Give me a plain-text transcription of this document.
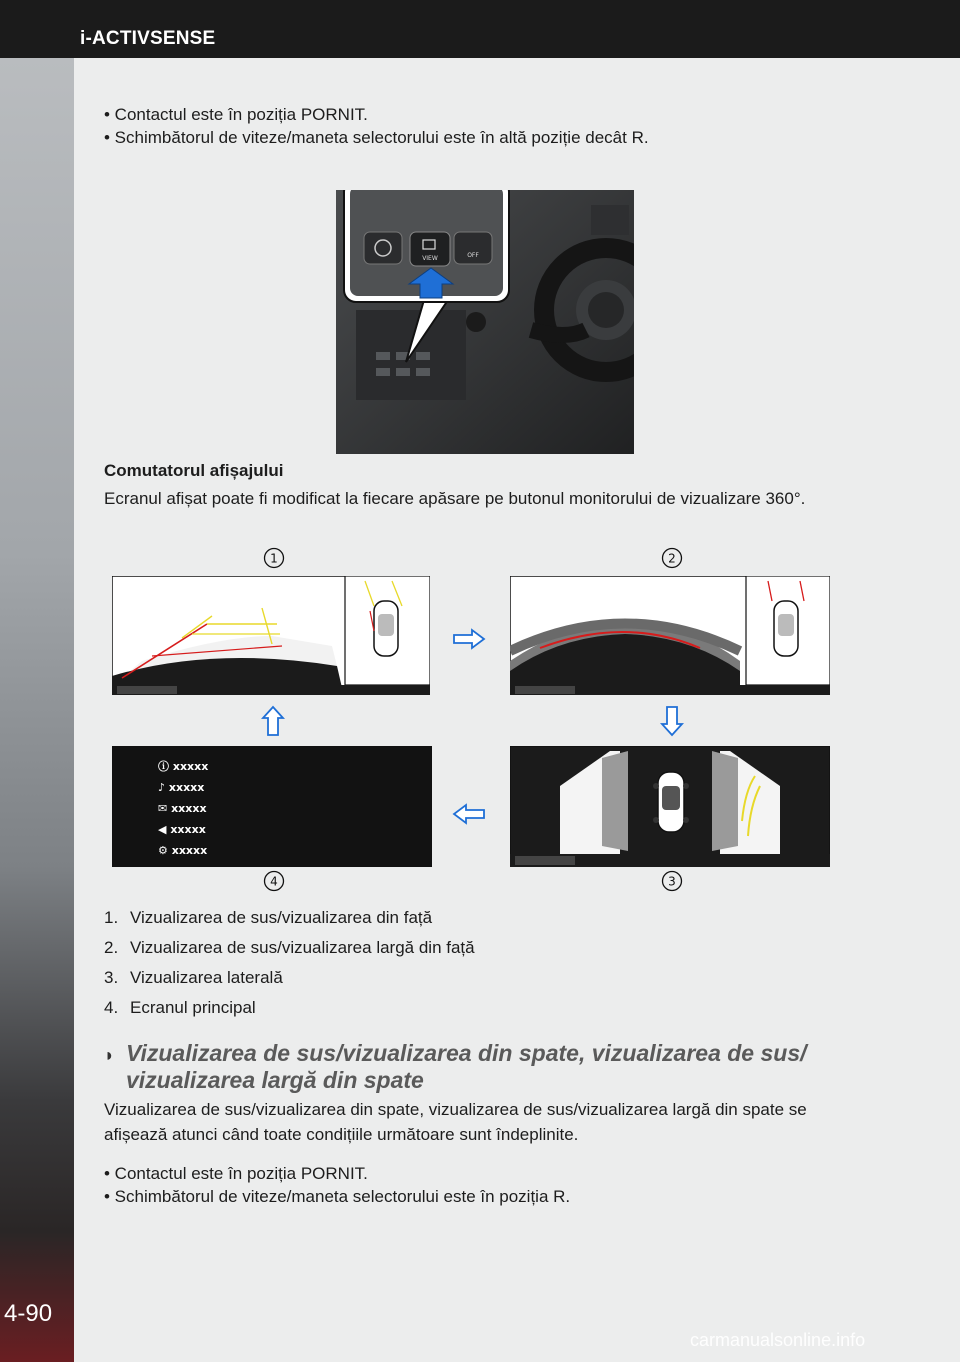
i-ACTIVSENSE
4-90
carmanualsonline.info
• Contactul este în poziția PORNIT.
• Schimbătorul de viteze/maneta selectorului este în altă poziție decât R.
VIEW	OFF
Comutatorul afișajului
Ecranul afișat poate fi modificat la fiecare apăsare pe butonul monitorului de vizualizare 360°.
1	2
3
4
ⓘ xxxxx
♪ xxxxx
✉ xxxxx
◀ xxxxx
⚙ xxxxx
1. Vizualizarea de sus/vizualizarea din față
2. Vizualizarea de sus/vizualizarea largă din față
3. Vizualizarea laterală
4. Ecranul principal
◗ Vizualizarea de sus/vizualizarea din spate, vizualizarea de sus/ vizualizarea largă din spate
Vizualizarea de sus/vizualizarea din spate, vizualizarea de sus/vizualizarea largă din spate se afișează atunci când toate condițiile următoare sunt îndeplinite.
• Contactul este în poziția PORNIT.
• Schimbătorul de viteze/maneta selectorului este în poziția R.
